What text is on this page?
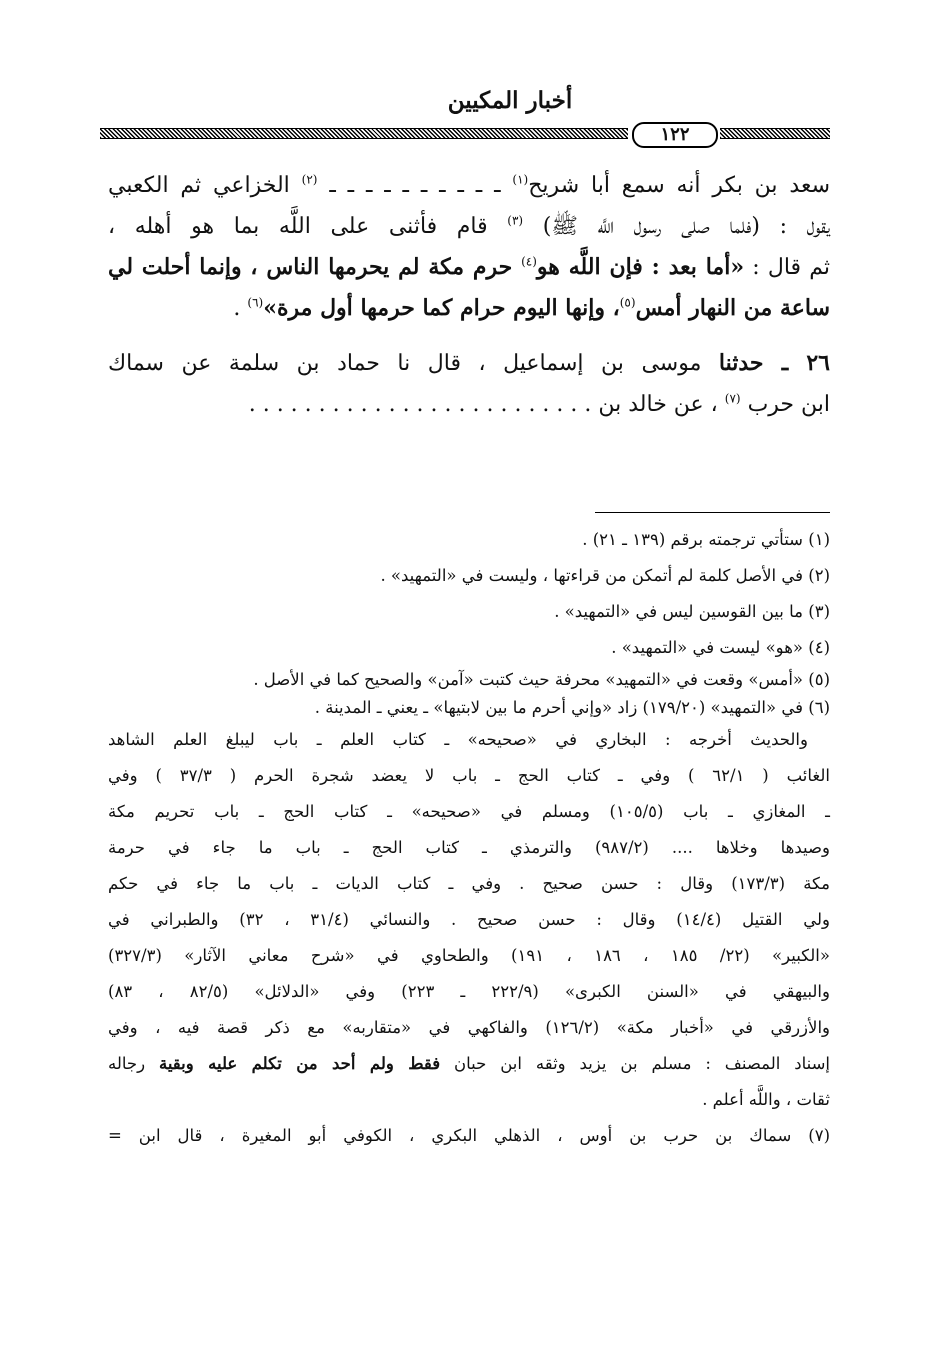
أخبار المكيين
١٢٢
سعد بن بكر أنه سمع أبا شريح$^{(١)}$ ـ ـ ـ ـ ـ ـ ـ ـ ـ ـ $^{(٢)}$ الخزاعي ثم الكعبي
يقول : (فلما صلى رسول اللَّه ﷺ) $^{(٣)}$ قام فأثنى على اللَّه بما هو أهله ،
ثم قال : «أما بعد : فإن اللَّه هو$^{(٤)}$ حرم مكة لم يحرمها الناس ، وإنما أحلت لي
ساعة من النهار أمس$^{(٥)}$، وإنها اليوم حرام كما حرمها أول مرة»$^{(٦)}$ .
٢٦ ـ حدثنا موسى بن إسماعيل ، قال نا حماد بن سلمة عن سماك
ابن حرب $^{(٧)}$ ، عن خالد بن . . . . . . . . . . . . . . . . . . . . . . . . .
(١) ستأتي ترجمته برقم (١٣٩ ـ ٢١) .
(٢) في الأصل كلمة لم أتمكن من قراءتها ، وليست في «التمهيد» .
(٣) ما بين القوسين ليس في «التمهيد» .
(٤) «هو» ليست في «التمهيد» .
(٥) «أمس» وقعت في «التمهيد» محرفة حيث كتبت «آمن» والصحيح كما في الأصل .
(٦) في «التمهيد» (١٧٩/٢٠) زاد «وإني أحرم ما بين لابتيها» ـ يعني ـ المدينة .
والحديث أخرجه : البخاري في «صحيحه» ـ كتاب العلم ـ باب ليبلغ العلم الشاهد
الغائب ( ٦٢/١ ) وفي ـ كتاب الحج ـ باب لا يعضد شجرة الحرم ( ٣٧/٣ ) وفي
ـ المغازي ـ باب (١٠٥/٥) ومسلم في «صحيحه» ـ كتاب الحج ـ باب تحريم مكة
وصيدها وخلاها .... (٩٨٧/٢) والترمذي ـ كتاب الحج ـ باب ما جاء في حرمة
مكة (١٧٣/٣) وقال : حسن صحيح . وفي ـ كتاب الديات ـ باب ما جاء في حكم
ولي القتيل (١٤/٤) وقال : حسن صحيح . والنسائي (٣١/٤ ، ٣٢) والطبراني في
«الكبير» (٢٢/ ١٨٥ ، ١٨٦ ، ١٩١) والطحاوي في «شرح معاني الآثار» (٣٢٧/٣)
والبيهقي في «السنن الكبرى» (٢٢٢/٩ ـ ٢٢٣) وفي «الدلائل» (٨٢/٥ ، ٨٣)
والأزرقي في «أخبار مكة» (١٢٦/٢) والفاكهي في «متقاربه» مع ذكر قصة فيه ، وفي
إسناد المصنف : مسلم بن يزيد وثقه ابن حبان فقط ولم أحد من تكلم عليه وبقية رجاله
ثقات ، واللَّه أعلم .
(٧) سماك بن حرب بن أوس ، الذهلي البكري ، الكوفي أبو المغيرة ، قال ابن =
